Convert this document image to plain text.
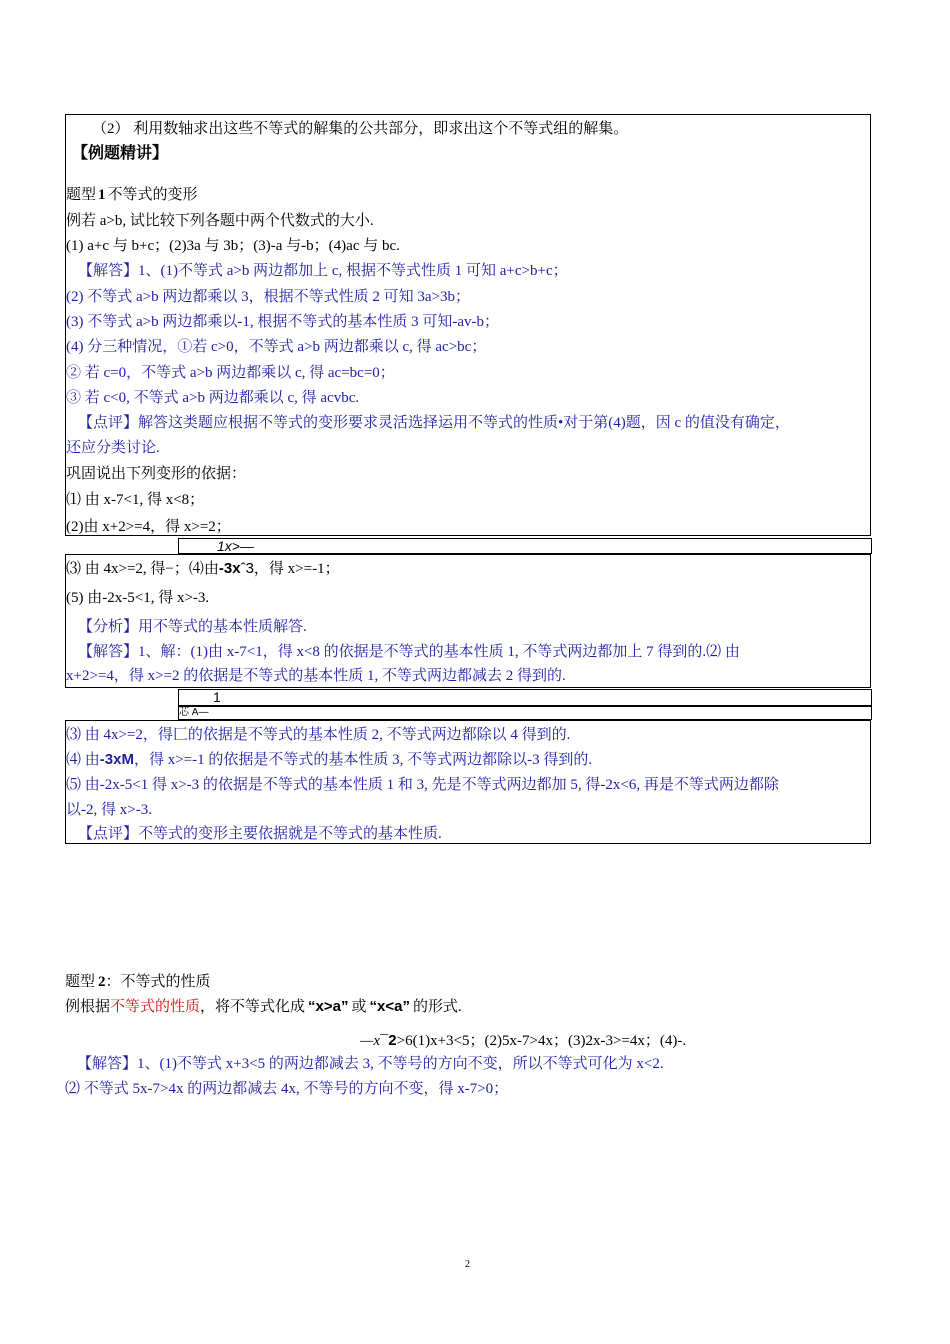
（2） 利用数轴求出这些不等式的解集的公共部分，即求出这个不等式组的解集。
【例题精讲】
题型 1 不等式的变形
例若 a>b, 试比较下列各题中两个代数式的大小.
(1) a+c 与 b+c；(2)3a 与 3b；(3)-a 与-b；(4)ac 与 bc.
【解答】1、(1)不等式 a>b 两边都加上 c, 根据不等式性质 1 可知 a+c>b+c；
(2) 不等式 a>b 两边都乘以 3，根据不等式性质 2 可知 3a>3b；
(3) 不等式 a>b 两边都乘以-1, 根据不等式的基本性质 3 可知-av-b；
(4) 分三种情况，①若 c>0，不等式 a>b 两边都乘以 c, 得 ac>bc；
② 若 c=0，不等式 a>b 两边都乘以 c, 得 ac=bc=0；
③ 若 c<0, 不等式 a>b 两边都乘以 c, 得 acvbc.
【点评】解答这类题应根据不等式的变形要求灵活选择运用不等式的性质•对于第(4)题，因 c 的值没有确定，
还应分类讨论.
巩固说出下列变形的依据：
⑴ 由 x-7<1, 得 x<8；
(2)由 x+2>=4，得 x>=2；
1x>—
⑶ 由 4x>=2, 得−；⑷由-3xˆ3，得 x>=-1；
(5) 由-2x-5<1, 得 x>-3.
【分析】用不等式的基本性质解答.
【解答】1、解：(1)由 x-7<1，得 x<8 的依据是不等式的基本性质 1, 不等式两边都加上 7 得到的.⑵ 由
x+2>=4，得 x>=2 的依据是不等式的基本性质 1, 不等式两边都减去 2 得到的.
1
芯 A—
⑶ 由 4x>=2，得匚的依据是不等式的基本性质 2, 不等式两边都除以 4 得到的.
⑷ 由-3xM，得 x>=-1 的依据是不等式的基本性质 3, 不等式两边都除以-3 得到的.
⑸ 由-2x-5<1 得 x>-3 的依据是不等式的基本性质 1 和 3, 先是不等式两边都加 5, 得-2x<6, 再是不等式两边都除
以-2, 得 x>-3.
【点评】不等式的变形主要依据就是不等式的基本性质.
题型 2：不等式的性质
例根据不等式的性质，将不等式化成 “x>a” 或 “x<a” 的形式.
—x¯2>6(1)x+3<5；(2)5x-7>4x；(3)2x-3>=4x；(4)-.
【解答】1、(1)不等式 x+3<5 的两边都减去 3, 不等号的方向不变，所以不等式可化为 x<2.
⑵ 不等式 5x-7>4x 的两边都减去 4x, 不等号的方向不变，得 x-7>0；
2
